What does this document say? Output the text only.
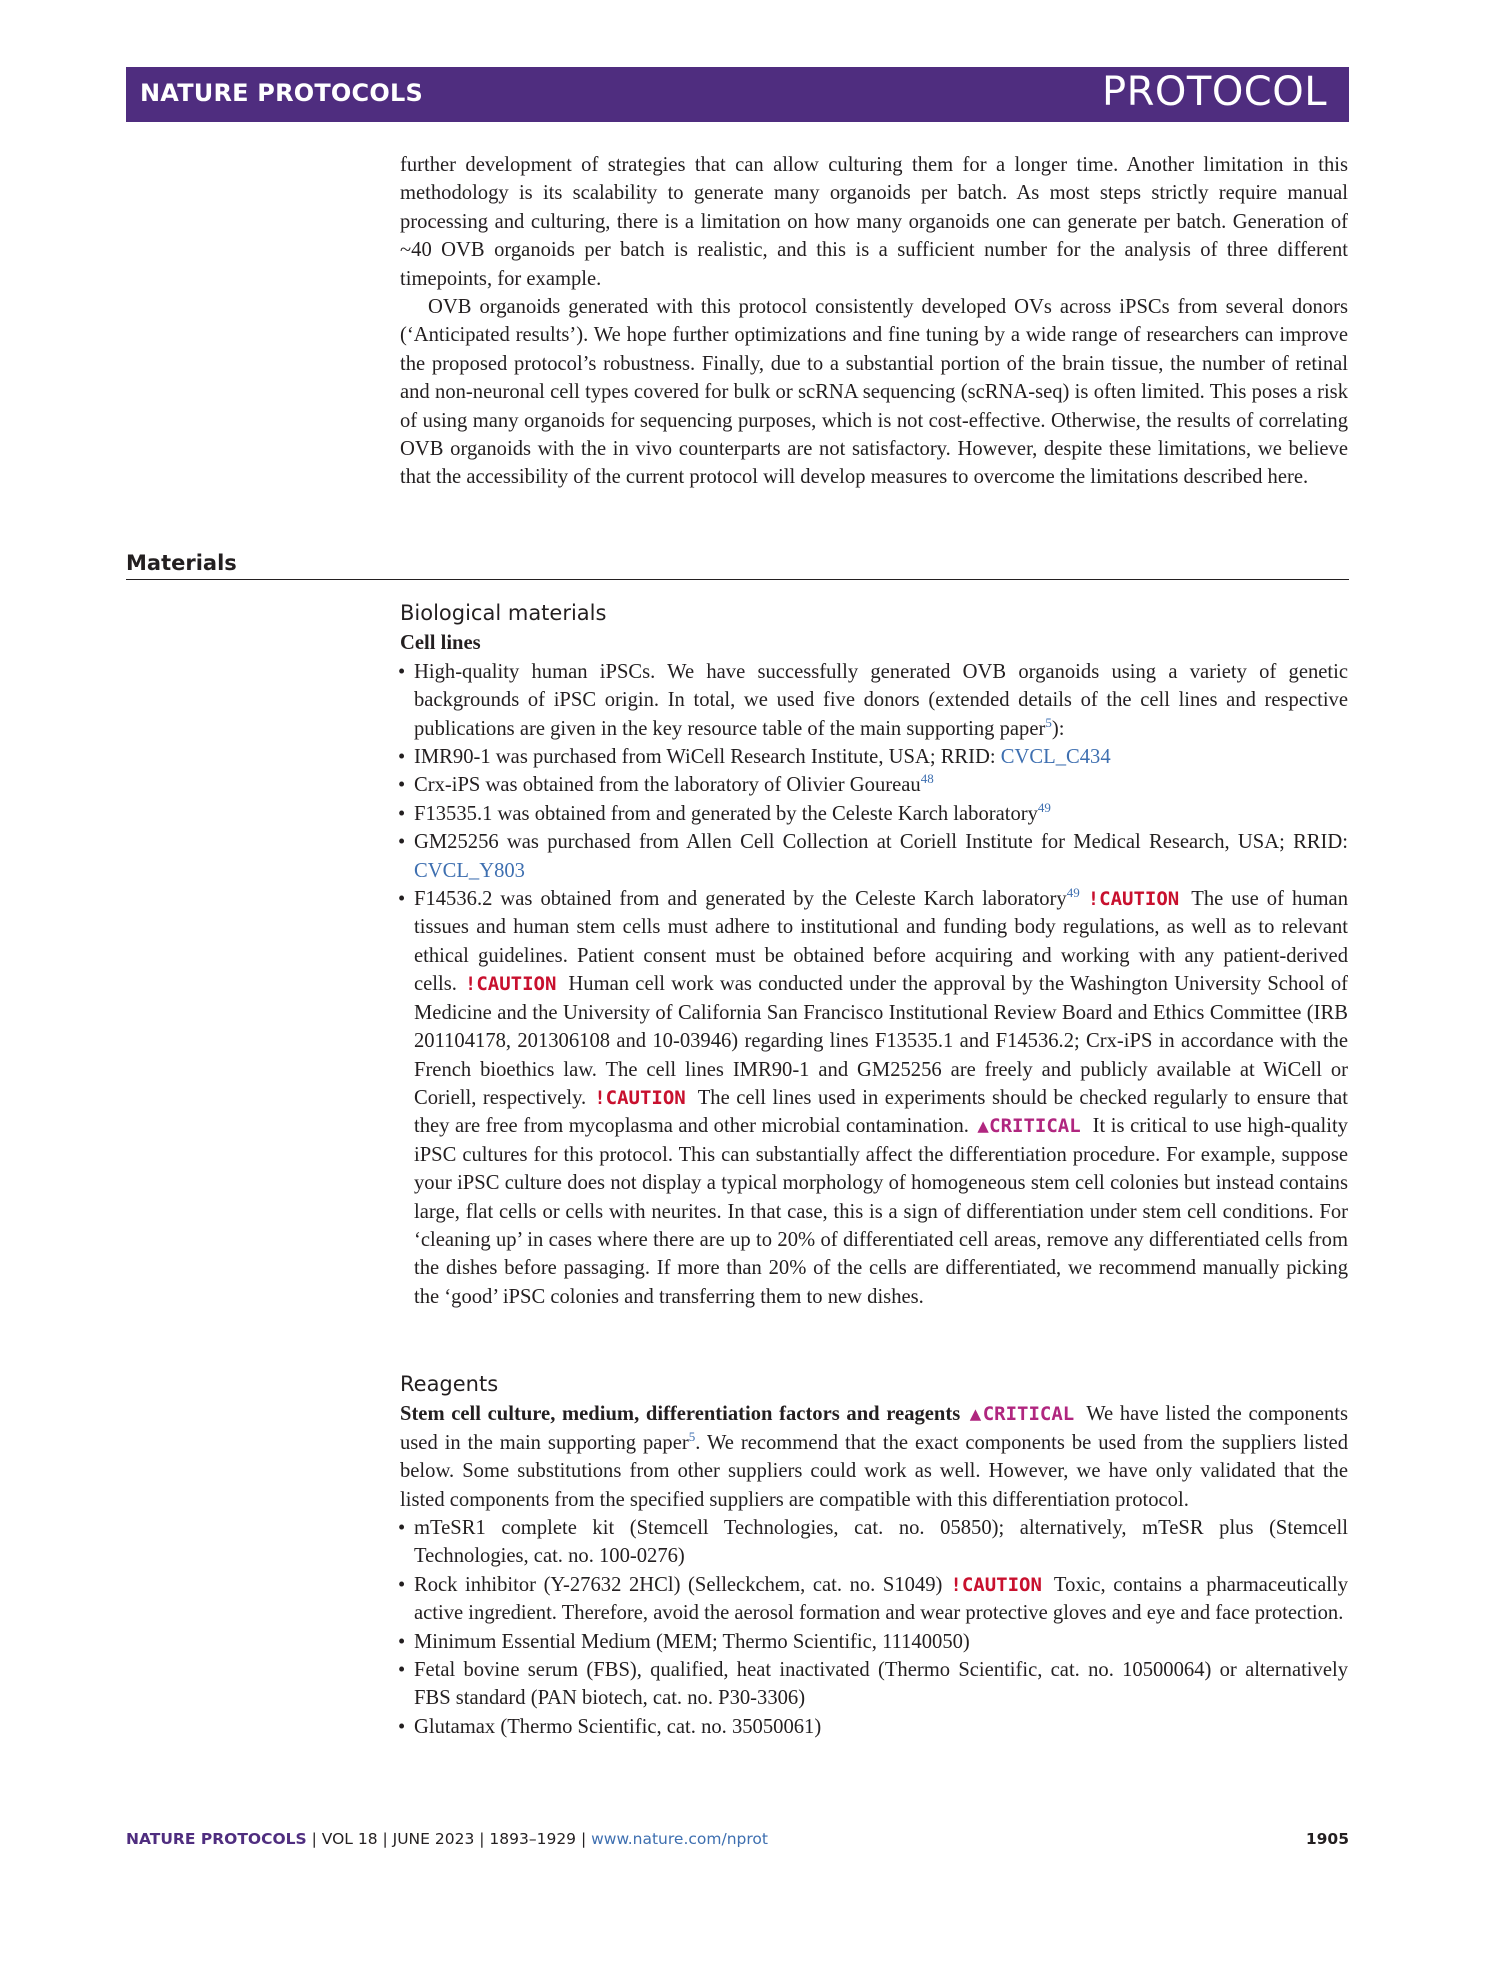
NATURE PROTOCOLS	PROTOCOL

further development of strategies that can allow culturing them for a longer time. Another limitation in this methodology is its scalability to generate many organoids per batch. As most steps strictly require manual processing and culturing, there is a limitation on how many organoids one can generate per batch. Generation of ~40 OVB organoids per batch is realistic, and this is a sufficient number for the analysis of three different timepoints, for example.

OVB organoids generated with this protocol consistently developed OVs across iPSCs from several donors (‘Anticipated results’). We hope further optimizations and fine tuning by a wide range of researchers can improve the proposed protocol’s robustness. Finally, due to a substantial portion of the brain tissue, the number of retinal and non-neuronal cell types covered for bulk or scRNA sequencing (scRNA-seq) is often limited. This poses a risk of using many organoids for sequencing purposes, which is not cost-effective. Otherwise, the results of correlating OVB organoids with the in vivo counterparts are not satisfactory. However, despite these limitations, we believe that the accessibility of the current protocol will develop measures to overcome the limitations described here.

Materials
Biological materials
Cell lines
• High-quality human iPSCs. We have successfully generated OVB organoids using a variety of genetic backgrounds of iPSC origin. In total, we used five donors (extended details of the cell lines and respective publications are given in the key resource table of the main supporting paper$^5$):
• IMR90-1 was purchased from WiCell Research Institute, USA; RRID: CVCL_C434
• Crx-iPS was obtained from the laboratory of Olivier Goureau$^{48}$
• F13535.1 was obtained from and generated by the Celeste Karch laboratory$^{49}$
• GM25256 was purchased from Allen Cell Collection at Coriell Institute for Medical Research, USA; RRID: CVCL_Y803
• F14536.2 was obtained from and generated by the Celeste Karch laboratory$^{49}$ !CAUTION The use of human tissues and human stem cells must adhere to institutional and funding body regulations, as well as to relevant ethical guidelines. Patient consent must be obtained before acquiring and working with any patient-derived cells. !CAUTION Human cell work was conducted under the approval by the Washington University School of Medicine and the University of California San Francisco Institutional Review Board and Ethics Committee (IRB 201104178, 201306108 and 10-03946) regarding lines F13535.1 and F14536.2; Crx-iPS in accordance with the French bioethics law. The cell lines IMR90-1 and GM25256 are freely and publicly available at WiCell or Coriell, respectively. !CAUTION The cell lines used in experiments should be checked regularly to ensure that they are free from mycoplasma and other microbial contamination. ▲CRITICAL It is critical to use high-quality iPSC cultures for this protocol. This can substantially affect the differentiation procedure. For example, suppose your iPSC culture does not display a typical morphology of homogeneous stem cell colonies but instead contains large, flat cells or cells with neurites. In that case, this is a sign of differentiation under stem cell conditions. For ‘cleaning up’ in cases where there are up to 20% of differentiated cell areas, remove any differentiated cells from the dishes before passaging. If more than 20% of the cells are differentiated, we recommend manually picking the ‘good’ iPSC colonies and transferring them to new dishes.
Reagents

Stem cell culture, medium, differentiation factors and reagents ▲CRITICAL We have listed the components used in the main supporting paper$^5$. We recommend that the exact components be used from the suppliers listed below. Some substitutions from other suppliers could work as well. However, we have only validated that the listed components from the specified suppliers are compatible with this differentiation protocol.

• mTeSR1 complete kit (Stemcell Technologies, cat. no. 05850); alternatively, mTeSR plus (Stemcell Technologies, cat. no. 100-0276)
• Rock inhibitor (Y-27632 2HCl) (Selleckchem, cat. no. S1049) !CAUTION Toxic, contains a pharmaceutically active ingredient. Therefore, avoid the aerosol formation and wear protective gloves and eye and face protection.
• Minimum Essential Medium (MEM; Thermo Scientific, 11140050)
• Fetal bovine serum (FBS), qualified, heat inactivated (Thermo Scientific, cat. no. 10500064) or alternatively FBS standard (PAN biotech, cat. no. P30-3306)
• Glutamax (Thermo Scientific, cat. no. 35050061)
NATURE PROTOCOLS | VOL 18 | JUNE 2023 | 1893–1929 | www.nature.com/nprot	1905
